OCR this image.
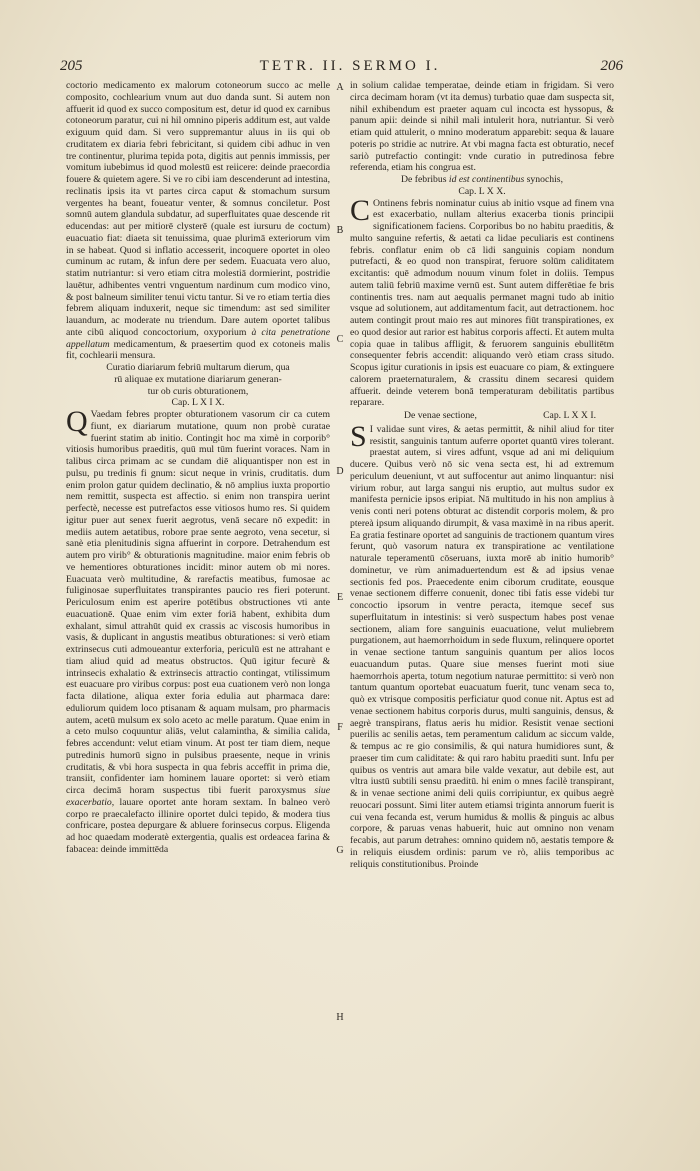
205	TETR. II. SERMO I.	206

coctorio medicamento ex malorum cotoneorum succo ac melle composito, cochlearium vnum aut duo danda sunt. Si autem non affuerit id quod ex succo compositum est, detur id quod ex carnibus cotoneorum paratur, cui ni hil omnino piperis additum est, aut valde exiguum quid dam. Si vero suppremantur aluus in iis qui ob cruditatem ex diaria febri febricitant, si quidem cibi adhuc in ven tre continentur, plurima tepida pota, digitis aut pennis immissis, per vomitum iubebimus id quod molestū est reiicere: deinde praecordia fouere & quietem agere. Si ve ro cibi iam descenderunt ad intestina, reclinatis ipsis ita vt partes circa caput & stomachum sursum vergentes ha beant, foueatur venter, & somnus conciletur. Post somnū autem glandula subdatur, ad superfluitates quae descende rit educendas: aut per mitiorē clysterē (quale est iursuru de coctum) euacuatio fiat: diaeta sit tenuissima, quae plurimā exteriorum vim in se habeat. Quod si inflatio accesserit, incoquere oportet in oleo cuminum ac rutam, & infun dere per sedem. Euacuata vero aluo, statim nutriantur: si vero etiam citra molestiā dormierint, postridie lauētur, adhibentes ventri vnguentum nardinum cum modico vino, & post balneum similiter tenui victu tantur. Si ve ro etiam tertia dies febrem aliquam induxerit, neque sic timendum: ast sed similiter lauandum, ac moderate nu triendum. Dare autem oportet talibus ante cibū aliquod concoctorium, oxyporium à cita penetratione appellatum medicamentum, & praesertim quod ex cotoneis malis fit, cochlearii mensura.

Curatio diariarum febriū multarum dierum, qua

rū aliquae ex mutatione diariarum generan-

tur ob curis obturationem,

Cap. L X I X.

Q Vaedam febres propter obturationem vasorum cir ca cutem fiunt, ex diariarum mutatione, quum non probè curatae fuerint statim ab initio. Contingit hoc ma ximè in corporib° vitiosis humoribus praeditis, quū mul tūm fuerint voraces. Nam in talibus circa primam ac se cundam diē aliquantisper non est in pulsu, pu tredinis fi gnum: sicut neque in vrinis, cruditatis. dum enim prolon gatur quidem declinatio, & nō amplius iuxta proportio nem remittit, suspecta est affectio. si enim non transpira uerint perfectè, necesse est putrefactos esse vitiosos humo res. Si quidem igitur puer aut senex fuerit aegrotus, venā secare nō expedit: in mediis autem aetatibus, robore prae sente aegroto, vena secetur, si sanè etia plenitudinis signa affuerint in corpore. Detrahendum est autem pro virib° & obturationis magnitudine. maior enim febris ob ve hementiores obturationes incidit: minor autem ob mi nores. Euacuata verò multitudine, & rarefactis meatibus, fumosae ac fuliginosae superfluitates transpirantes paucio res fieri poterunt. Periculosum enim est aperire potētibus obstructiones vti ante euacuationē. Quae enim vim exter foriā habent, exhibita dum exhalant, simul attrahūt quid ex crassis ac viscosis humoribus in vasis, & duplicant in angustis meatibus obturationes: si verò etiam extrinsecus cuti admoueantur exterforia, periculū est ne attrahant e tiam aliud quid ad meatus obstructos. Quū igitur fecurè & intrinsecis exhalatio & extrinsecis attractio contingat, vtilissimum est euacuare pro viribus corpus: post eua cuationem verò non longa facta dilatione, aliqua exter foria edulia aut pharmaca dare: eduliorum quidem loco ptisanam & aquam mulsam, pro pharmacis autem, acetū mulsum ex solo aceto ac melle paratum. Quae enim in a ceto mulso coquuntur aliās, velut calamintha, & similia calida, febres accendunt: velut etiam vinum. At post ter tiam diem, neque putredinis humorū signo in pulsibus praesente, neque in vrinis cruditatis, & vbi hora suspecta in qua febris acceffit in prima die, transiit, confidenter iam hominem lauare oportet: si verò etiam circa decimā horam suspectus tibi fuerit paroxysmus siue exacerbatio, lauare oportet ante horam sextam. In balneo verò corpo re praecalefacto illinire oportet dulci tepido, & modera tius confricare, postea depurgare & abluere forinsecus corpus. Eligenda ad hoc quaedam moderatè extergentia, qualis est ordeacea farina & fabacea: deinde immittēda

A
B
C
D
E
F
G
H

in solium calidae temperatae, deinde etiam in frigidam. Si vero circa decimam horam (vt ita demus) turbatio quae dam suspecta sit, nihil exhibendum est praeter aquam cul incocta est hyssopus, & panum apii: deinde si nihil mali intulerit hora, nutriantur. Si verò etiam quid attulerit, o mnino moderatum apparebit: sequa & lauare poteris po stridie ac nutrire. At vbi magna facta est obturatio, necef sariò putrefactio contingit: vnde curatio in putredinosa febre referenda, etiam his congrua est.

De febribus id est continentibus synochis,

Cap. L X X.

C Ontinens febris nominatur cuius ab initio vsque ad finem vna est exacerbatio, nullam alterius exacerba tionis principii significationem faciens. Corporibus bo no habitu praeditis, & multo sanguine refertis, & aetati ca lidae peculiaris est continens febris. conflatur enim ob cā lidi sanguinis copiam nondum putrefacti, & eo quod non transpirat, feruore solūm caliditatem excitantis: quē admodum nouum vinum folet in doliis. Tempus autem taliū febriū maxime vernū est. Sunt autem differētiae fe bris continentis tres. nam aut aequalis permanet magni tudo ab initio vsque ad solutionem, aut additamentum facit, aut detractionem. hoc autem contingit prout maio res aut minores fiūt transpirationes, ex eo quod desior aut rarior est habitus corporis affecti. Et autem multa copia quae in talibus affligit, & feruorem sanguinis ebullitētm consequenter febris accendit: aliquando verò etiam crass situdo. Scopus igitur curationis in ipsis est euacuare co piam, & extinguere calorem praeternaturalem, & crassitu dinem secaresi quidem affuerit. deinde veterem bonā temperaturam debilitatis partibus reparare.

De venae sectione,	Cap. L X X I.

S I validae sunt vires, & aetas permittit, & nihil aliud for titer resistit, sanguinis tantum auferre oportet quantū vires tolerant. praestat autem, si vires adfunt, vsque ad ani mi deliquium ducere. Quibus verò nō sic vena secta est, hi ad extremum periculum deueniunt, vt aut suffocentur aut animo linquantur: nisi virium robur, aut larga sangui nis eruptio, aut multus sudor ex manifesta pernicie ipsos eripiat. Nā multitudo in his non amplius à venis conti neri potens obturat ac distendit corporis molem, & pro ptereà ipsum aliquando dirumpit, & vasa maximè in na ribus aperit. Ea gratia festinare oportet ad sanguinis de tractionem quantum vires ferunt, quò vasorum natura ex transpiratione ac ventilatione naturale teperamentū cōseruans, iuxta morē ab initio humorib° dominetur, ve rùm animaduertendum est & ad ipsius venae sectionis fed pos. Praecedente enim ciborum cruditate, eousque venae sectionem differre conuenit, donec tibi fatis esse videbi tur concoctio ipsorum in ventre peracta, itemque secef sus superfluitatum in intestinis: si verò suspectum habes post venae sectionem, aliam fore sanguinis euacuatione, velut muliebrem purgationem, aut haemorrhoidum in sede fluxum, relinquere oportet in venae sectione tantum sanguinis quantum per alios locos euacuandum putas. Quare siue menses fuerint moti siue haemorrhois aperta, totum negotium naturae permittito: si verò non tantum quantum oportebat euacuatum fuerit, tunc venam seca to, quò ex vtrisque compositis perficiatur quod conue nit. Aptus est ad venae sectionem habitus corporis durus, multi sanguinis, densus, & aegrè transpirans, flatus aeris hu midior. Resistit venae sectioni puerilis ac senilis aetas, tem peramentum calidum ac siccum valde, & tempus ac re gio consimilis, & qui natura humidiores sunt, & praeser tim cum caliditate: & qui raro habitu praediti sunt. Infu per quibus os ventris aut amara bile valde vexatur, aut debile est, aut vltra iustū subtili sensu praeditū. hi enim o mnes facilè transpirant, & in venae sectione animi deli quiis corripiuntur, ex quibus aegrè reuocari possunt. Simi liter autem etiamsi triginta annorum fuerit is cui vena fecanda est, verum humidus & mollis & pinguis ac albus corpore, & paruas venas habuerit, huic aut omnino non venam fecabis, aut parum detrahes: omnino quidem nō, aestatis tempore & in reliquis eiusdem ordinis: parum ve rò, aliis temporibus ac reliquis constitutionibus. Proinde
